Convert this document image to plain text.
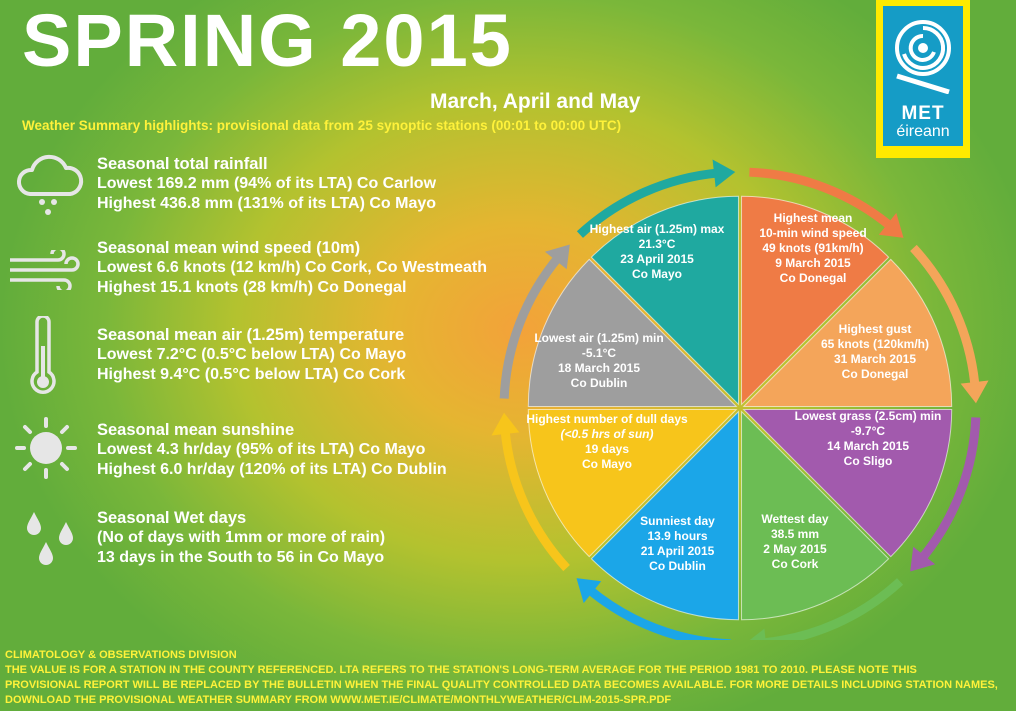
SPRING 2015
March, April and May
Weather Summary highlights: provisional data from 25 synoptic stations (00:01 to 00:00 UTC)
MET
éireann
Seasonal total rainfall
Lowest 169.2 mm (94% of its LTA) Co Carlow
Highest 436.8 mm (131% of its LTA) Co Mayo
Seasonal mean wind speed (10m)
Lowest 6.6 knots (12 km/h) Co Cork, Co Westmeath
Highest 15.1 knots (28 km/h) Co Donegal
Seasonal mean air (1.25m) temperature
Lowest 7.2°C (0.5°C below LTA) Co Mayo
Highest 9.4°C (0.5°C below LTA) Co Cork
Seasonal mean sunshine
Lowest 4.3 hr/day (95% of its LTA) Co Mayo
Highest 6.0 hr/day (120% of its LTA) Co Dublin
Seasonal Wet days
(No of days with 1mm or more of rain)
13 days in the South to 56 in Co Mayo
Highest air (1.25m) max
21.3°C
23 April 2015
Co Mayo
Highest mean
10-min wind speed
49 knots (91km/h)
9 March 2015
Co Donegal
Highest gust
65 knots (120km/h)
31 March 2015
Co Donegal
Lowest grass (2.5cm) min
-9.7°C
14 March 2015
Co Sligo
Wettest day
38.5 mm
2 May 2015
Co Cork
Sunniest day
13.9 hours
21 April 2015
Co Dublin
Highest number of dull days
(<0.5 hrs of sun)
19 days
Co Mayo
Lowest air (1.25m) min
-5.1°C
18 March 2015
Co Dublin
CLIMATOLOGY & OBSERVATIONS DIVISION
THE VALUE IS FOR A STATION IN THE COUNTY REFERENCED. LTA REFERS TO THE STATION'S LONG-TERM AVERAGE FOR THE PERIOD 1981 TO 2010. PLEASE NOTE THIS
PROVISIONAL REPORT WILL BE REPLACED BY THE BULLETIN WHEN THE FINAL QUALITY CONTROLLED DATA BECOMES AVAILABLE. FOR MORE DETAILS INCLUDING STATION NAMES,
DOWNLOAD THE PROVISIONAL WEATHER SUMMARY FROM WWW.MET.IE/CLIMATE/MONTHLYWEATHER/CLIM-2015-SPR.PDF
